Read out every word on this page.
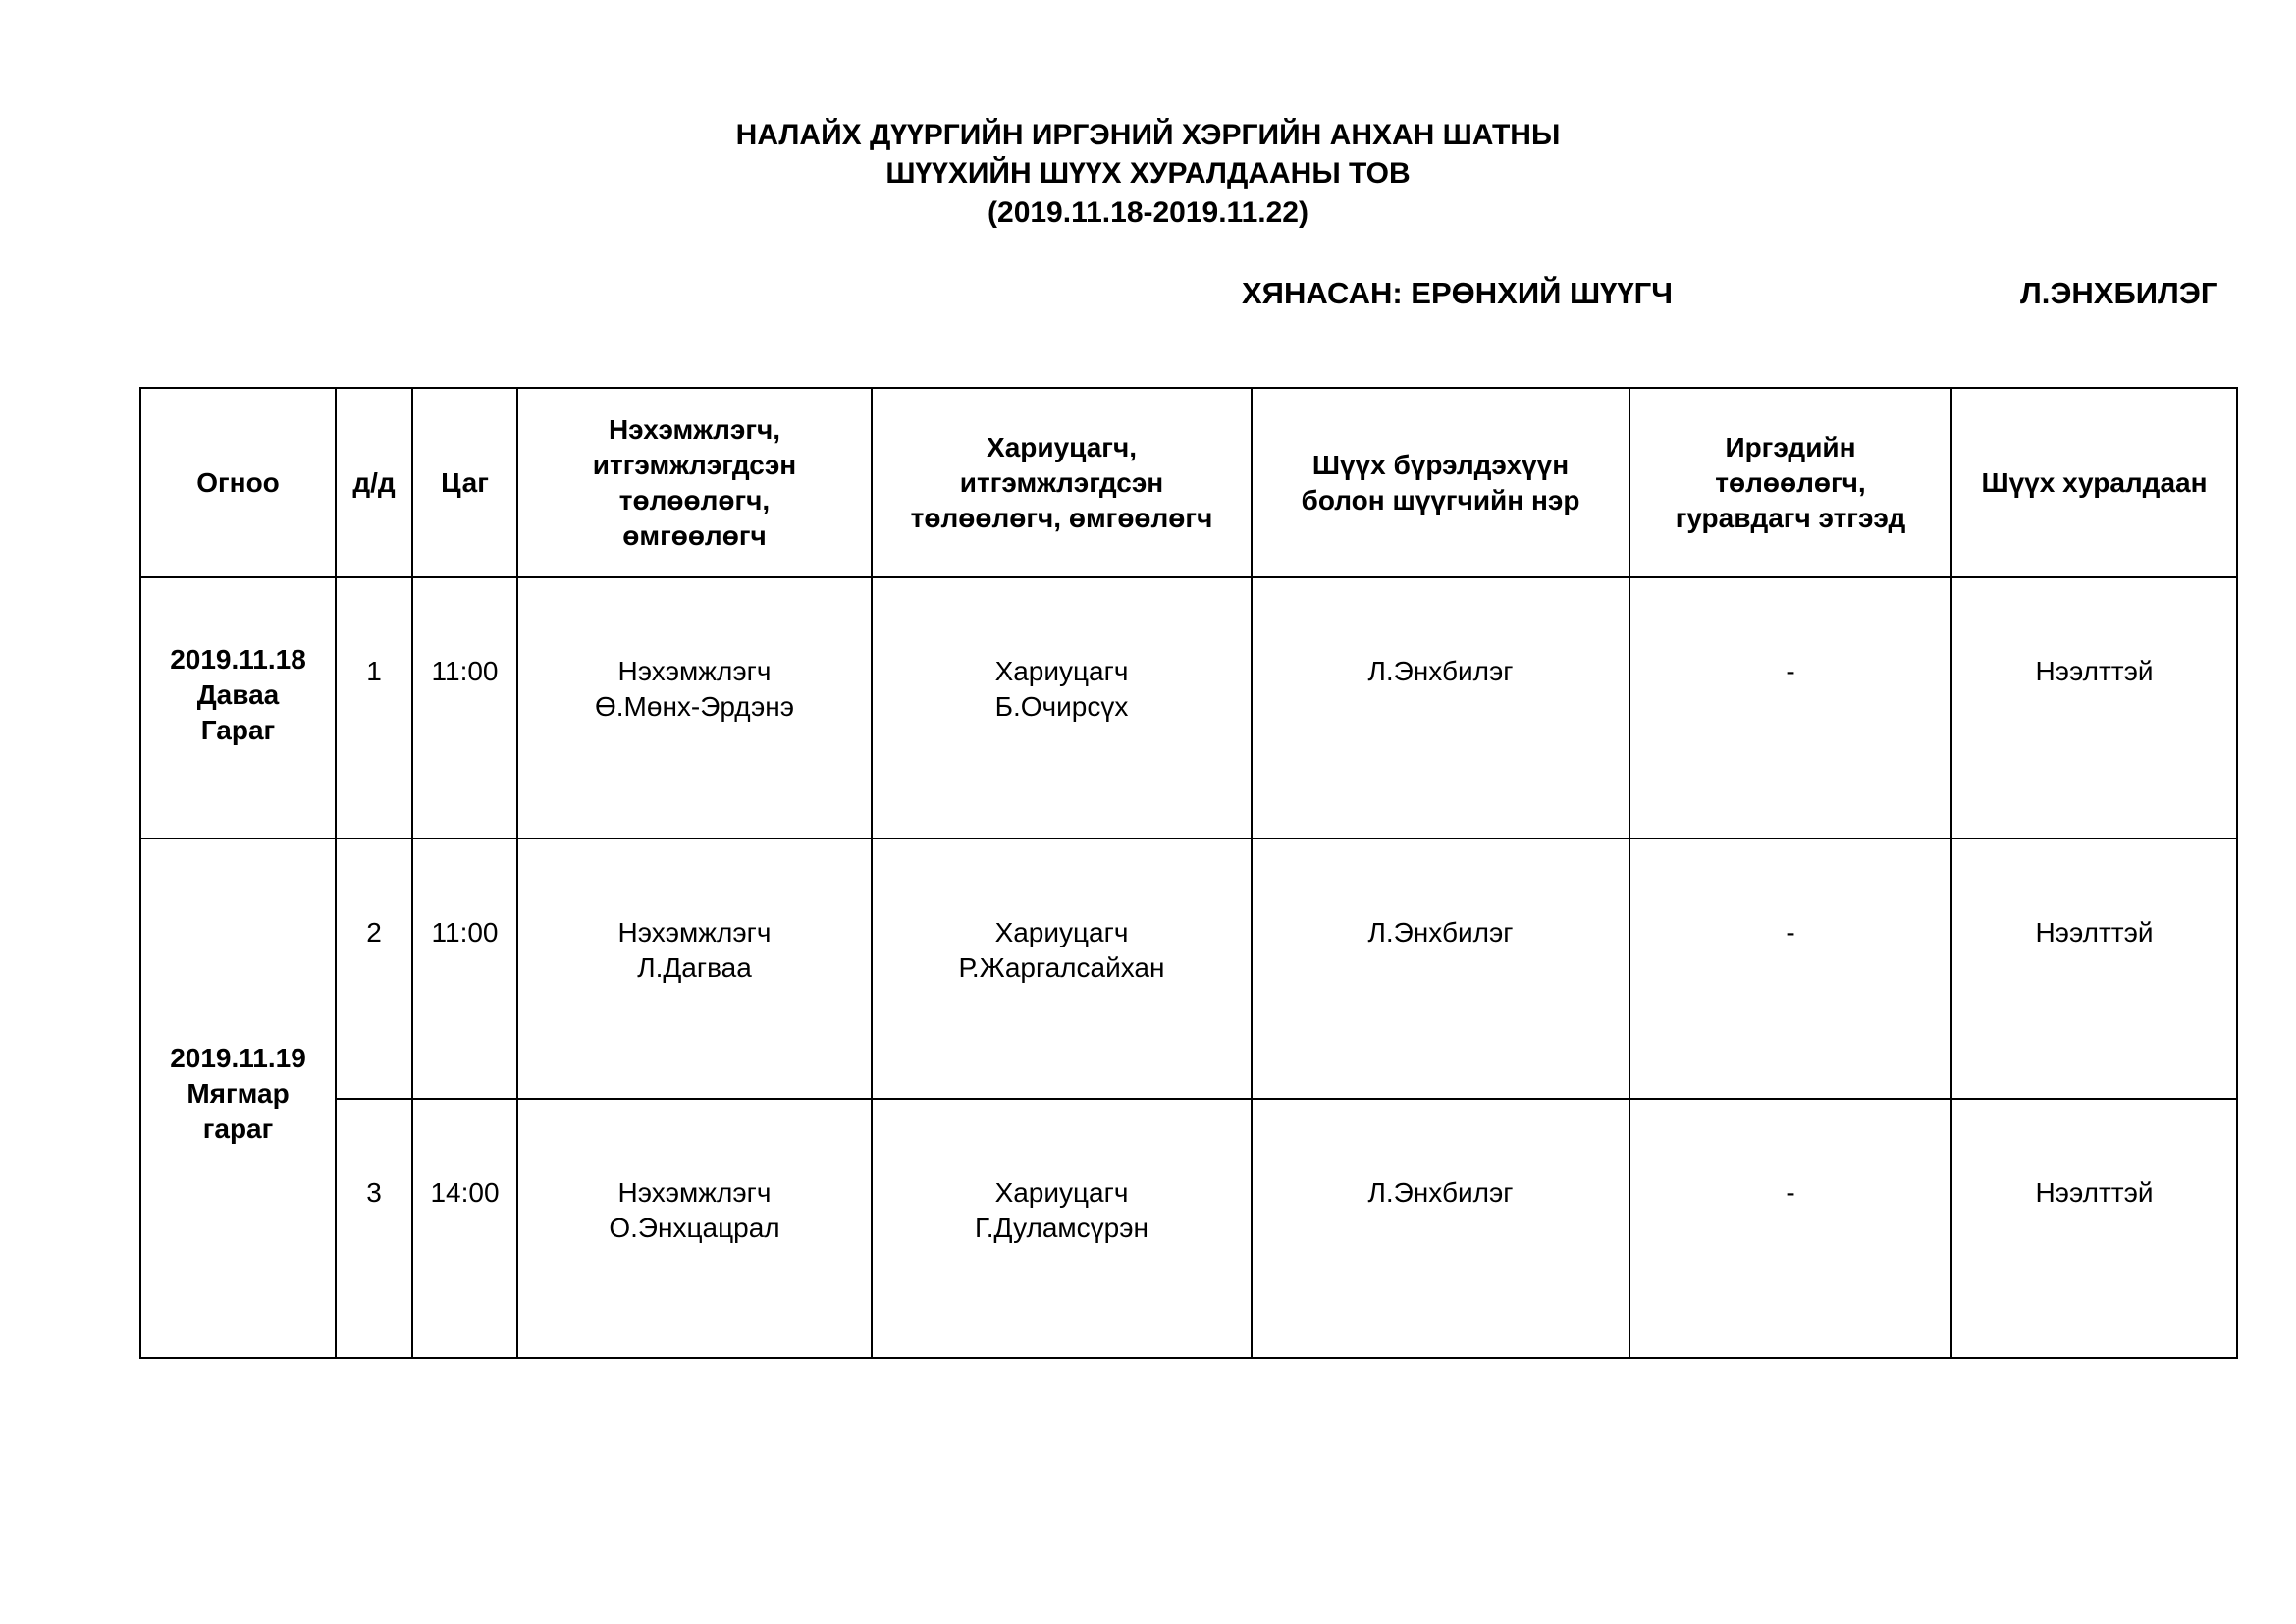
НАЛАЙХ ДҮҮРГИЙН ИРГЭНИЙ ХЭРГИЙН АНХАН ШАТНЫ
ШҮҮХИЙН ШҮҮХ ХУРАЛДААНЫ ТОВ
(2019.11.18-2019.11.22)
ХЯНАСАН: ЕРӨНХИЙ ШҮҮГЧ	Л.ЭНХБИЛЭГ
Огноо	д/д	Цаг	Нэхэмжлэгч,
итгэмжлэгдсэн
төлөөлөгч,
өмгөөлөгч	Хариуцагч,
итгэмжлэгдсэн
төлөөлөгч, өмгөөлөгч	Шүүх бүрэлдэхүүн
болон шүүгчийн нэр	Иргэдийн
төлөөлөгч,
гуравдагч этгээд	Шүүх хуралдаан

2019.11.18
Даваа
Гараг	1	11:00	Нэхэмжлэгч
Ө.Мөнх-Эрдэнэ	Хариуцагч
Б.Очирсүх	Л.Энхбилэг	-	Нээлттэй

2019.11.19
Мягмар
гараг	2	11:00	Нэхэмжлэгч
Л.Дагваа	Хариуцагч
Р.Жаргалсайхан	Л.Энхбилэг	-	Нээлттэй

	3	14:00	Нэхэмжлэгч
О.Энхцацрал	Хариуцагч
Г.Дуламсүрэн	Л.Энхбилэг	-	Нээлттэй
